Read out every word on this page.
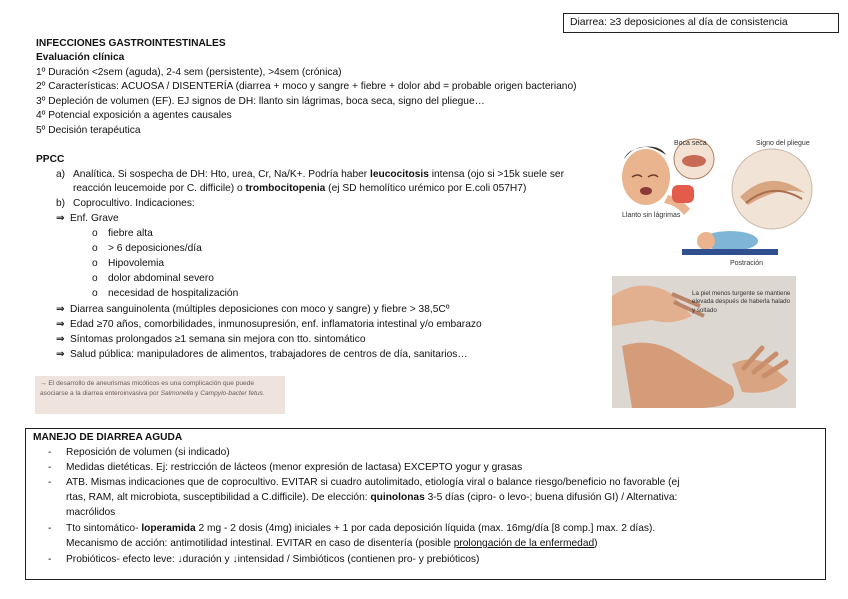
Diarrea: ≥3 deposiciones al día de consistencia
INFECCIONES GASTROINTESTINALES
Evaluación clínica
1º Duración <2sem (aguda), 2-4 sem (persistente), >4sem (crónica)
2º Características: ACUOSA / DISENTERÍA (diarrea + moco y sangre + fiebre + dolor abd = probable origen bacteriano)
3º Depleción de volumen (EF). EJ signos de DH: llanto sin lágrimas, boca seca, signo del pliegue…
4º Potencial exposición a agentes causales
5º Decisión terapéutica
PPCC
a) Analítica. Si sospecha de DH: Hto, urea, Cr, Na/K+. Podría haber leucocitosis intensa (ojo si >15k suele ser
reacción leucemoide por C. difficile) o trombocitopenia (ej SD hemolítico urémico por E.coli 057H7)
b) Coprocultivo. Indicaciones:
⇒ Enf. Grave
o fiebre alta
o > 6 deposiciones/día
o Hipovolemia
o dolor abdominal severo
o necesidad de hospitalización
⇒ Diarrea sanguinolenta (múltiples deposiciones con moco y sangre) y fiebre > 38,5Cº
⇒ Edad ≥70 años, comorbilidades, inmunosupresión, enf. inflamatoria intestinal y/o embarazo
⇒ Síntomas prolongados ≥1 semana sin mejora con tto. sintomático
⇒ Salud pública: manipuladores de alimentos, trabajadores de centros de día, sanitarios…
→ El desarrollo de aneurismas micóticos es una complicación que puede asociarse a la diarrea enteroinvasiva por Salmonella y Campylo-bacter fetus.
Boca seca	Signo del pliegue
Llanto sin lágrimas
Postración
La piel menos turgente se mantiene elevada después de haberla halado y soltado
MANEJO DE DIARREA AGUDA
- Reposición de volumen (si indicado)
- Medidas dietéticas. Ej: restricción de lácteos (menor expresión de lactasa) EXCEPTO yogur y grasas
- ATB. Mismas indicaciones que de coprocultivo. EVITAR si cuadro autolimitado, etiología viral o balance riesgo/beneficio no favorable (ej
rtas, RAM, alt microbiota, susceptibilidad a C.difficile). De elección: quinolonas 3-5 días (cipro- o levo-; buena difusión GI) / Alternativa:
macrólidos
- Tto sintomático- loperamida 2 mg - 2 dosis (4mg) iniciales + 1 por cada deposición líquida (max. 16mg/día [8 comp.] max. 2 días).
Mecanismo de acción: antimotilidad intestinal. EVITAR en caso de disentería (posible prolongación de la enfermedad)
- Probióticos- efecto leve: ↓duración y ↓intensidad / Simbióticos (contienen pro- y prebióticos)
